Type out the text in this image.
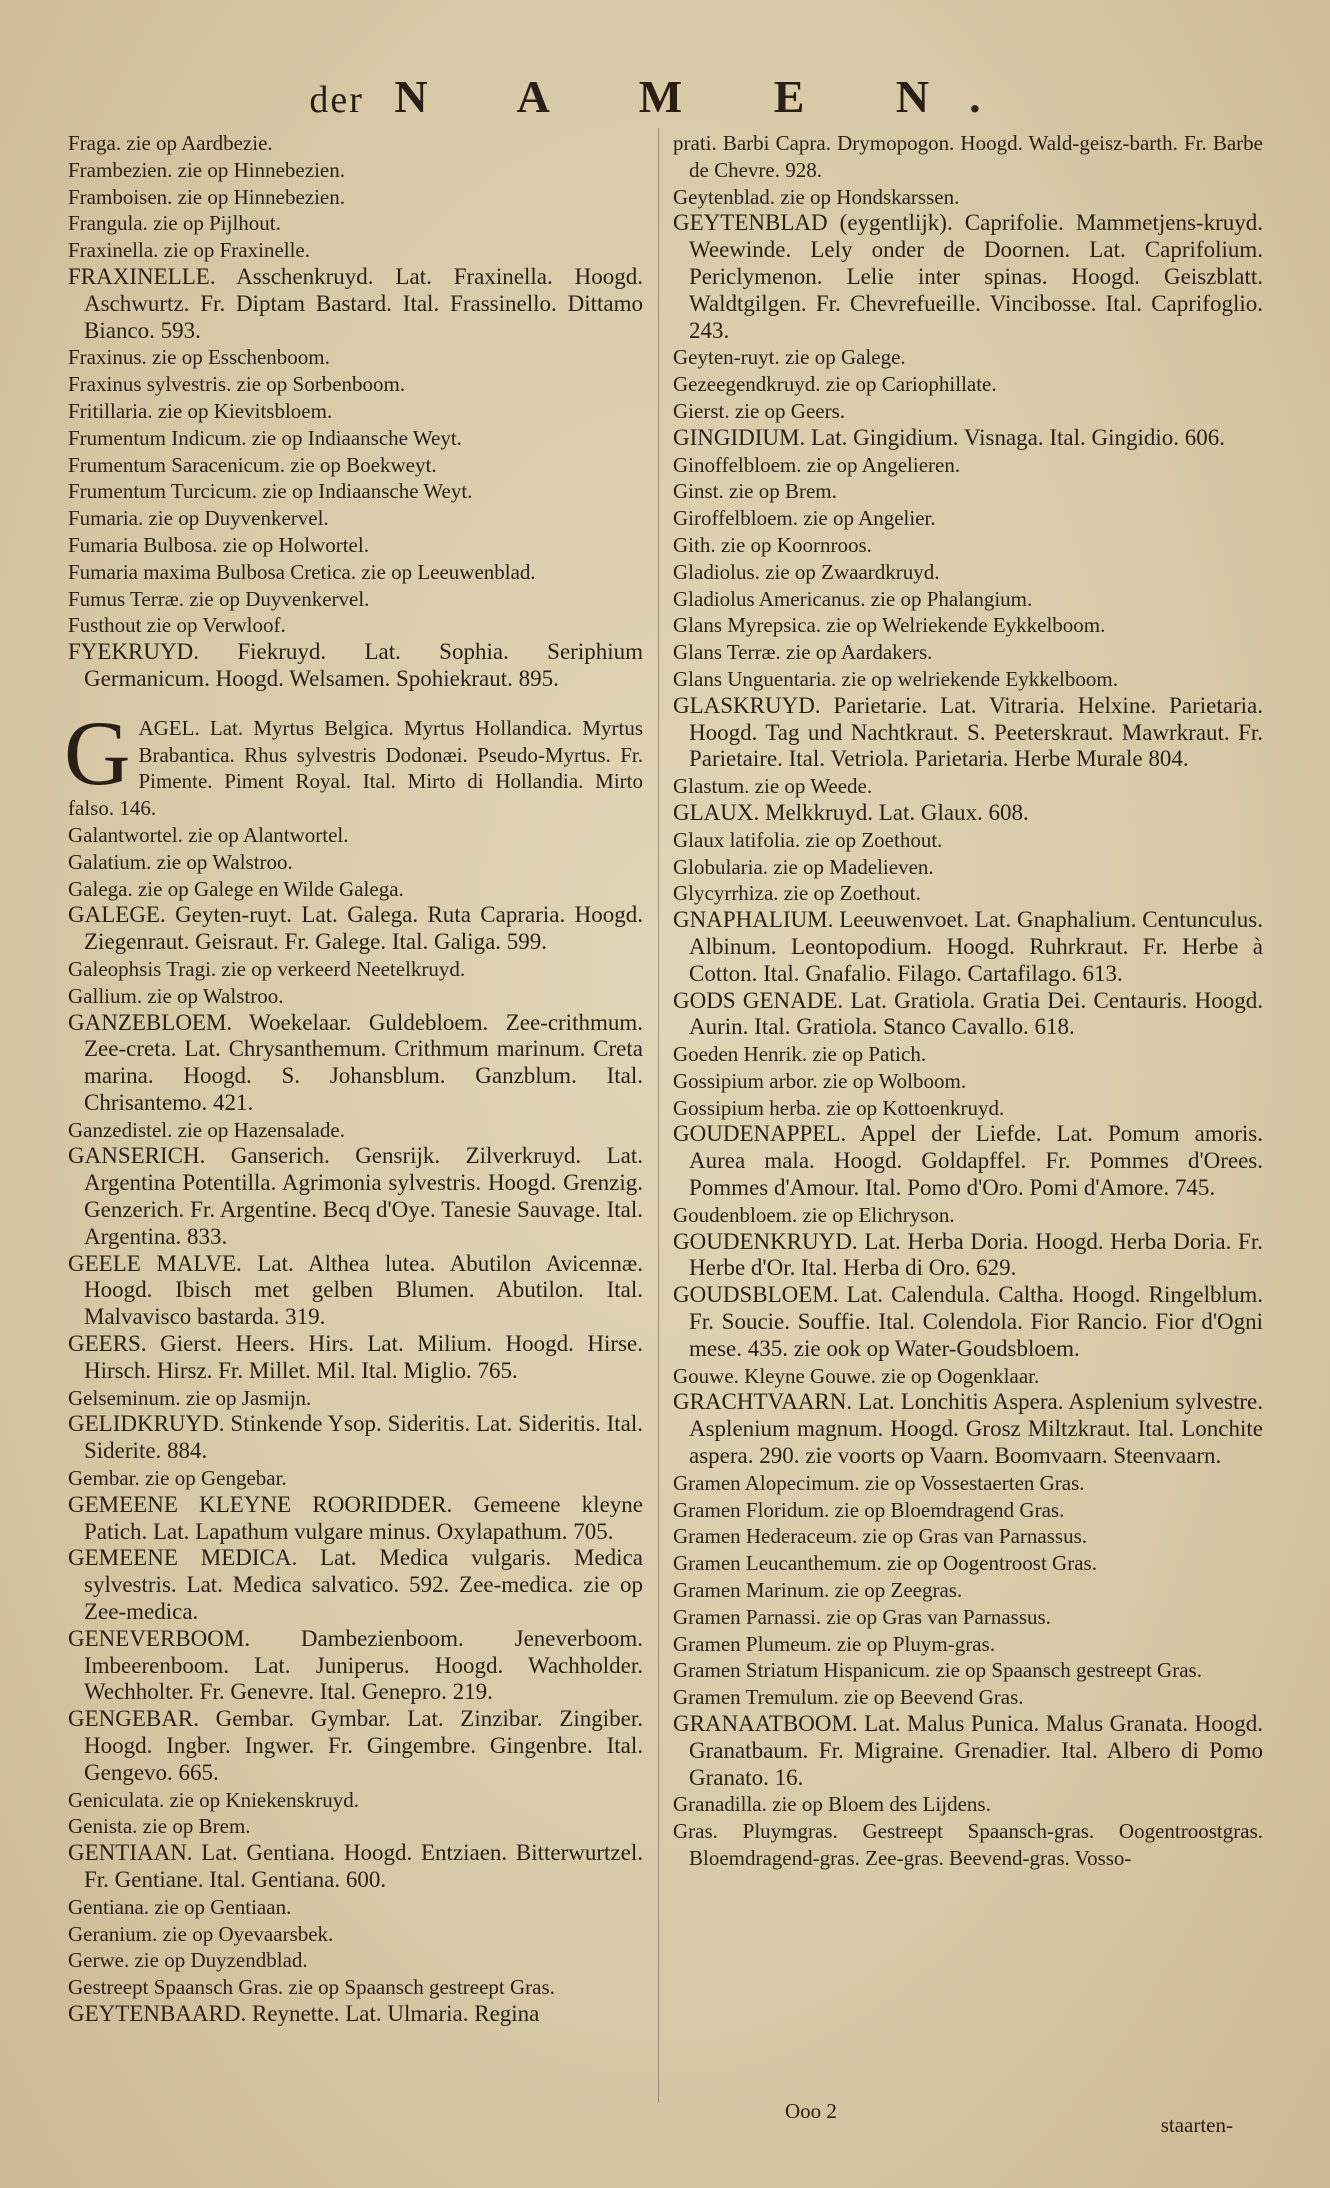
der N A M E N.

Fraga. zie op Aardbezie.

Frambezien. zie op Hinnebezien.

Framboisen. zie op Hinnebezien.

Frangula. zie op Pijlhout.

Fraxinella. zie op Fraxinelle.

FRAXINELLE. Asschenkruyd. Lat. Fraxinella. Hoogd. Aschwurtz. Fr. Diptam Bastard. Ital. Frassinello. Dittamo Bianco. 593.

Fraxinus. zie op Esschenboom.

Fraxinus sylvestris. zie op Sorbenboom.

Fritillaria. zie op Kievitsbloem.

Frumentum Indicum. zie op Indiaansche Weyt.

Frumentum Saracenicum. zie op Boekweyt.

Frumentum Turcicum. zie op Indiaansche Weyt.

Fumaria. zie op Duyvenkervel.

Fumaria Bulbosa. zie op Holwortel.

Fumaria maxima Bulbosa Cretica. zie op Leeuwenblad.

Fumus Terræ. zie op Duyvenkervel.

Fusthout zie op Verwloof.

FYEKRUYD. Fiekruyd. Lat. Sophia. Seriphium Germanicum. Hoogd. Welsamen. Spohiekraut. 895.

GAGEL. Lat. Myrtus Belgica. Myrtus Hollandica. Myrtus Brabantica. Rhus sylvestris Dodonæi. Pseudo-Myrtus. Fr. Pimente. Piment Royal. Ital. Mirto di Hollandia. Mirto falso. 146.

Galantwortel. zie op Alantwortel.

Galatium. zie op Walstroo.

Galega. zie op Galege en Wilde Galega.

GALEGE. Geyten-ruyt. Lat. Galega. Ruta Capraria. Hoogd. Ziegenraut. Geisraut. Fr. Galege. Ital. Galiga. 599.

Galeophsis Tragi. zie op verkeerd Neetelkruyd.

Gallium. zie op Walstroo.

GANZEBLOEM. Woekelaar. Guldebloem. Zee-crithmum. Zee-creta. Lat. Chrysanthemum. Crithmum marinum. Creta marina. Hoogd. S. Johansblum. Ganzblum. Ital. Chrisantemo. 421.

Ganzedistel. zie op Hazensalade.

GANSERICH. Ganserich. Gensrijk. Zilverkruyd. Lat. Argentina Potentilla. Agrimonia sylvestris. Hoogd. Grenzig. Genzerich. Fr. Argentine. Becq d'Oye. Tanesie Sauvage. Ital. Argentina. 833.

GEELE MALVE. Lat. Althea lutea. Abutilon Avicennæ. Hoogd. Ibisch met gelben Blumen. Abutilon. Ital. Malvavisco bastarda. 319.

GEERS. Gierst. Heers. Hirs. Lat. Milium. Hoogd. Hirse. Hirsch. Hirsz. Fr. Millet. Mil. Ital. Miglio. 765.

Gelseminum. zie op Jasmijn.

GELIDKRUYD. Stinkende Ysop. Sideritis. Lat. Sideritis. Ital. Siderite. 884.

Gembar. zie op Gengebar.

GEMEENE KLEYNE ROORIDDER. Gemeene kleyne Patich. Lat. Lapathum vulgare minus. Oxylapathum. 705.

GEMEENE MEDICA. Lat. Medica vulgaris. Medica sylvestris. Lat. Medica salvatico. 592. Zee-medica. zie op Zee-medica.

GENEVERBOOM. Dambezienboom. Jeneverboom. Imbeerenboom. Lat. Juniperus. Hoogd. Wachholder. Wechholter. Fr. Genevre. Ital. Genepro. 219.

GENGEBAR. Gembar. Gymbar. Lat. Zinzibar. Zingiber. Hoogd. Ingber. Ingwer. Fr. Gingembre. Gingenbre. Ital. Gengevo. 665.

Geniculata. zie op Kniekenskruyd.

Genista. zie op Brem.

GENTIAAN. Lat. Gentiana. Hoogd. Entziaen. Bitterwurtzel. Fr. Gentiane. Ital. Gentiana. 600.

Gentiana. zie op Gentiaan.

Geranium. zie op Oyevaarsbek.

Gerwe. zie op Duyzendblad.

Gestreept Spaansch Gras. zie op Spaansch gestreept Gras.

GEYTENBAARD. Reynette. Lat. Ulmaria. Regina

prati. Barbi Capra. Drymopogon. Hoogd. Wald-geisz-barth. Fr. Barbe de Chevre. 928.

Geytenblad. zie op Hondskarssen.

GEYTENBLAD (eygentlijk). Caprifolie. Mammetjens-kruyd. Weewinde. Lely onder de Doornen. Lat. Caprifolium. Periclymenon. Lelie inter spinas. Hoogd. Geiszblatt. Waldtgilgen. Fr. Chevrefueille. Vincibosse. Ital. Caprifoglio. 243.

Geyten-ruyt. zie op Galege.

Gezeegendkruyd. zie op Cariophillate.

Gierst. zie op Geers.

GINGIDIUM. Lat. Gingidium. Visnaga. Ital. Gingidio. 606.

Ginoffelbloem. zie op Angelieren.

Ginst. zie op Brem.

Giroffelbloem. zie op Angelier.

Gith. zie op Koornroos.

Gladiolus. zie op Zwaardkruyd.

Gladiolus Americanus. zie op Phalangium.

Glans Myrepsica. zie op Welriekende Eykkelboom.

Glans Terræ. zie op Aardakers.

Glans Unguentaria. zie op welriekende Eykkelboom.

GLASKRUYD. Parietarie. Lat. Vitraria. Helxine. Parietaria. Hoogd. Tag und Nachtkraut. S. Peeterskraut. Mawrkraut. Fr. Parietaire. Ital. Vetriola. Parietaria. Herbe Murale 804.

Glastum. zie op Weede.

GLAUX. Melkkruyd. Lat. Glaux. 608.

Glaux latifolia. zie op Zoethout.

Globularia. zie op Madelieven.

Glycyrrhiza. zie op Zoethout.

GNAPHALIUM. Leeuwenvoet. Lat. Gnaphalium. Centunculus. Albinum. Leontopodium. Hoogd. Ruhrkraut. Fr. Herbe à Cotton. Ital. Gnafalio. Filago. Cartafilago. 613.

GODS GENADE. Lat. Gratiola. Gratia Dei. Centauris. Hoogd. Aurin. Ital. Gratiola. Stanco Cavallo. 618.

Goeden Henrik. zie op Patich.

Gossipium arbor. zie op Wolboom.

Gossipium herba. zie op Kottoenkruyd.

GOUDENAPPEL. Appel der Liefde. Lat. Pomum amoris. Aurea mala. Hoogd. Goldapffel. Fr. Pommes d'Orees. Pommes d'Amour. Ital. Pomo d'Oro. Pomi d'Amore. 745.

Goudenbloem. zie op Elichryson.

GOUDENKRUYD. Lat. Herba Doria. Hoogd. Herba Doria. Fr. Herbe d'Or. Ital. Herba di Oro. 629.

GOUDSBLOEM. Lat. Calendula. Caltha. Hoogd. Ringelblum. Fr. Soucie. Souffie. Ital. Colendola. Fior Rancio. Fior d'Ogni mese. 435. zie ook op Water-Goudsbloem.

Gouwe. Kleyne Gouwe. zie op Oogenklaar.

GRACHTVAARN. Lat. Lonchitis Aspera. Asplenium sylvestre. Asplenium magnum. Hoogd. Grosz Miltzkraut. Ital. Lonchite aspera. 290. zie voorts op Vaarn. Boomvaarn. Steenvaarn.

Gramen Alopecimum. zie op Vossestaerten Gras.

Gramen Floridum. zie op Bloemdragend Gras.

Gramen Hederaceum. zie op Gras van Parnassus.

Gramen Leucanthemum. zie op Oogentroost Gras.

Gramen Marinum. zie op Zeegras.

Gramen Parnassi. zie op Gras van Parnassus.

Gramen Plumeum. zie op Pluym-gras.

Gramen Striatum Hispanicum. zie op Spaansch gestreept Gras.

Gramen Tremulum. zie op Beevend Gras.

GRANAATBOOM. Lat. Malus Punica. Malus Granata. Hoogd. Granatbaum. Fr. Migraine. Grenadier. Ital. Albero di Pomo Granato. 16.

Granadilla. zie op Bloem des Lijdens.

Gras. Pluymgras. Gestreept Spaansch-gras. Oogentroostgras. Bloemdragend-gras. Zee-gras. Beevend-gras. Vosso-

Ooo 2
staarten-
